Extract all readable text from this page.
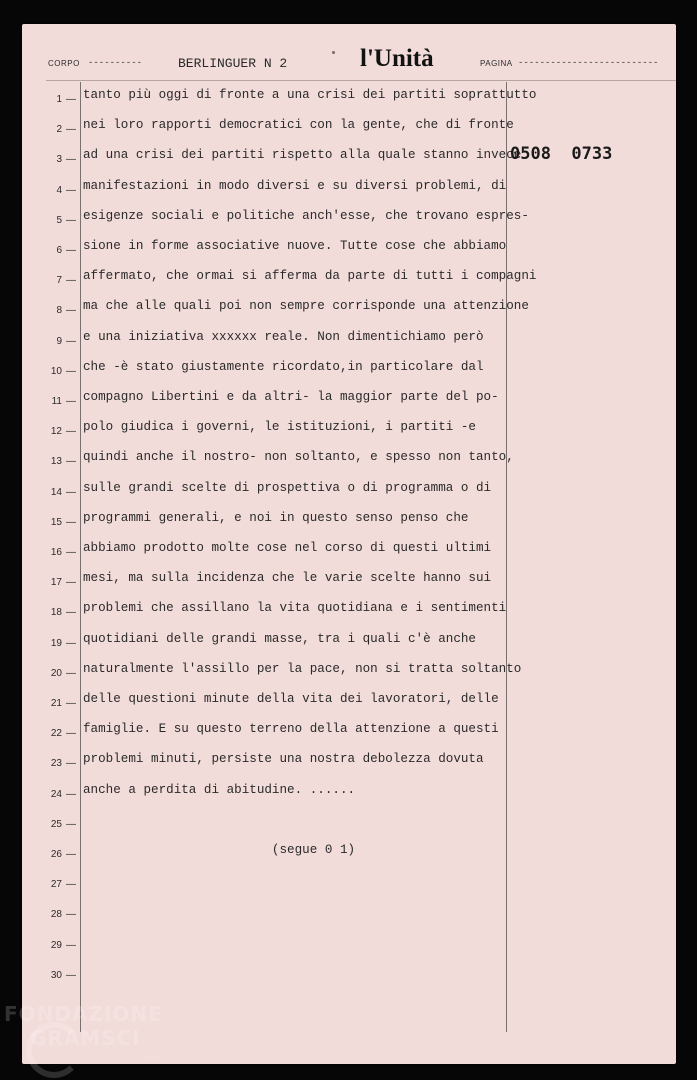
CORPO ----------	BERLINGUER N 2	l'Unità	PAGINA --------------------------
1 —
2 —
3 —
4 —
5 —
6 —
7 —
8 —
9 —
10 —
11 —
12 —
13 —
14 —
15 —
16 —
17 —
18 —
19 —
20 —
21 —
22 —
23 —
24 —
25 —
26 —
27 —
28 —
29 —
30 —
tanto più oggi di fronte a una crisi dei partiti soprattutto
nei loro rapporti democratici con la gente, che di fronte
ad una crisi dei partiti rispetto alla quale stanno invece
manifestazioni in modo diversi e su diversi problemi, di
esigenze sociali e politiche anch'esse, che trovano espres-
sione in forme associative nuove. Tutte cose che abbiamo
affermato, che ormai si afferma da parte di tutti i compagni
ma che alle quali poi non sempre corrisponde una attenzione
e una iniziativa xxxxxx reale. Non dimentichiamo però
che -è stato giustamente ricordato,in particolare dal
compagno Libertini e da altri- la maggior parte del po-
polo giudica i governi, le istituzioni, i partiti -e
quindi anche il nostro- non soltanto, e spesso non tanto,
sulle grandi scelte di prospettiva o di programma o di
programmi generali, e noi in questo senso penso che
abbiamo prodotto molte cose nel corso di questi ultimi
mesi, ma sulla incidenza che le varie scelte hanno sui
problemi che assillano la vita quotidiana e i sentimenti
quotidiani delle grandi masse, tra i quali c'è anche
naturalmente l'assillo per la pace, non si tratta soltanto
delle questioni minute della vita dei lavoratori, delle
famiglie. E su questo terreno della attenzione a questi
problemi minuti, persiste una nostra debolezza dovuta
anche a perdita di abitudine. ......
(segue 0 1)
0508  0733
FONDAZIONE
GRAMSCI
onlus
